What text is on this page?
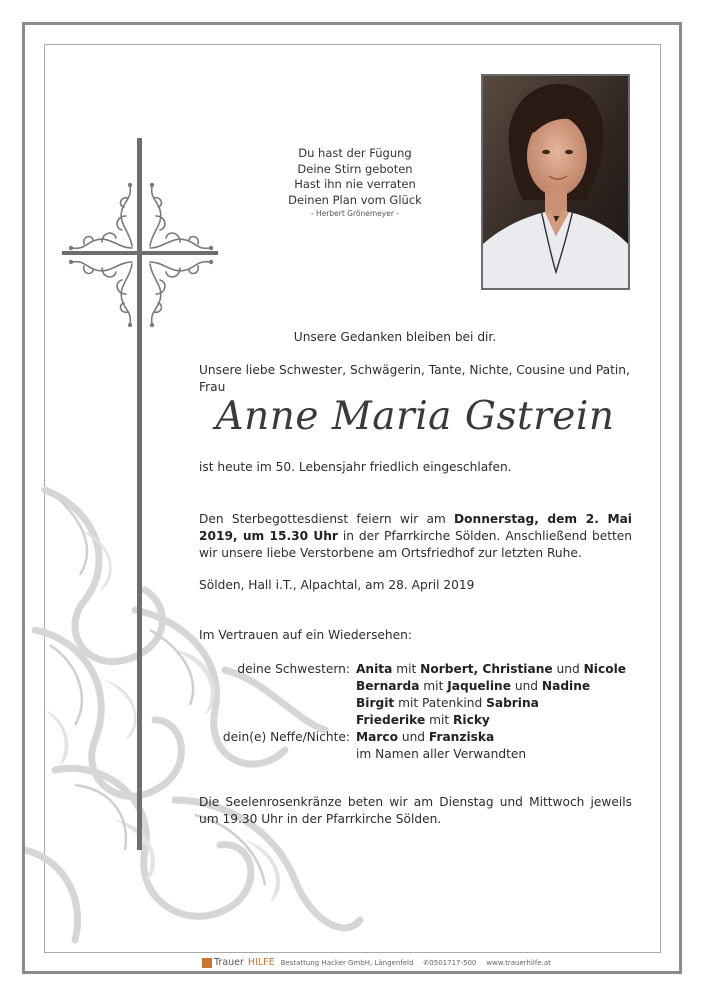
Du hast der Fügung
Deine Stirn geboten
Hast ihn nie verraten
Deinen Plan vom Glück
- Herbert Grönemeyer -
Unsere Gedanken bleiben bei dir.
Unsere liebe Schwester, Schwägerin, Tante, Nichte, Cousine und Patin, Frau
Anne Maria Gstrein
ist heute im 50. Lebensjahr friedlich eingeschlafen.
Den Sterbegottesdienst feiern wir am Donnerstag, dem 2. Mai 2019, um 15.30 Uhr in der Pfarrkirche Sölden. Anschließend betten wir unsere liebe Verstorbene am Ortsfriedhof zur letzten Ruhe.
Sölden, Hall i.T., Alpachtal, am 28. April 2019
Im Vertrauen auf ein Wiedersehen:
deine Schwestern: Anita mit Norbert, Christiane und Nicole
Bernarda mit Jaqueline und Nadine
Birgit mit Patenkind Sabrina
Friederike mit Ricky
dein(e) Neffe/Nichte: Marco und Franziska
im Namen aller Verwandten
Die Seelenrosenkränze beten wir am Dienstag und Mittwoch jeweils um 19.30 Uhr in der Pfarrkirche Sölden.
Trauer HILFE Bestattung Hacker GmbH, Längenfeld ✆0501717-500 www.trauerhilfe.at
